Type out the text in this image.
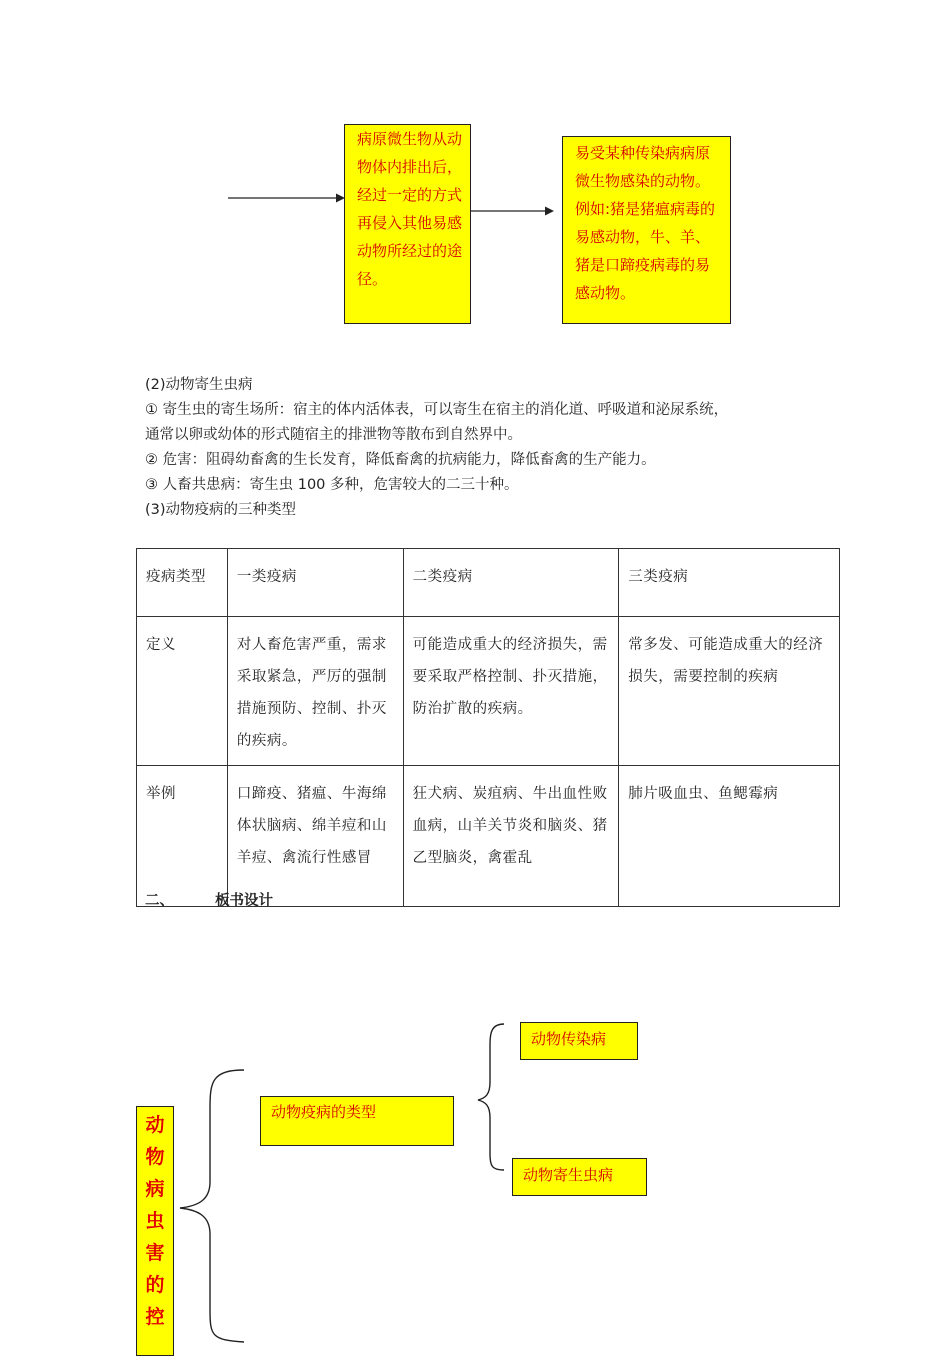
病原微生物从动物体内排出后，经过一定的方式再侵入其他易感动物所经过的途径。
易受某种传染病病原微生物感染的动物。例如:猪是猪瘟病毒的易感动物，牛、羊、猪是口蹄疫病毒的易感动物。
(2)动物寄生虫病
① 寄生虫的寄生场所：宿主的体内活体表，可以寄生在宿主的消化道、呼吸道和泌尿系统，
通常以卵或幼体的形式随宿主的排泄物等散布到自然界中。
② 危害：阻碍幼畜禽的生长发育，降低畜禽的抗病能力，降低畜禽的生产能力。
③ 人畜共患病：寄生虫 100 多种，危害较大的二三十种。
(3)动物疫病的三种类型
疫病类型	一类疫病	二类疫病	三类疫病
定义	对人畜危害严重，需求采取紧急，严厉的强制措施预防、控制、扑灭的疾病。	可能造成重大的经济损失，需要采取严格控制、扑灭措施，防治扩散的疾病。	常多发、可能造成重大的经济损失，需要控制的疾病
举例	口蹄疫、猪瘟、牛海绵体状脑病、绵羊痘和山羊痘、禽流行性感冒	狂犬病、炭疽病、牛出血性败血病，山羊关节炎和脑炎、猪乙型脑炎，禽霍乱	肺片吸血虫、鱼鳃霉病
二、	板书设计
动物病虫害的控
动物疫病的类型
动物传染病
动物寄生虫病
